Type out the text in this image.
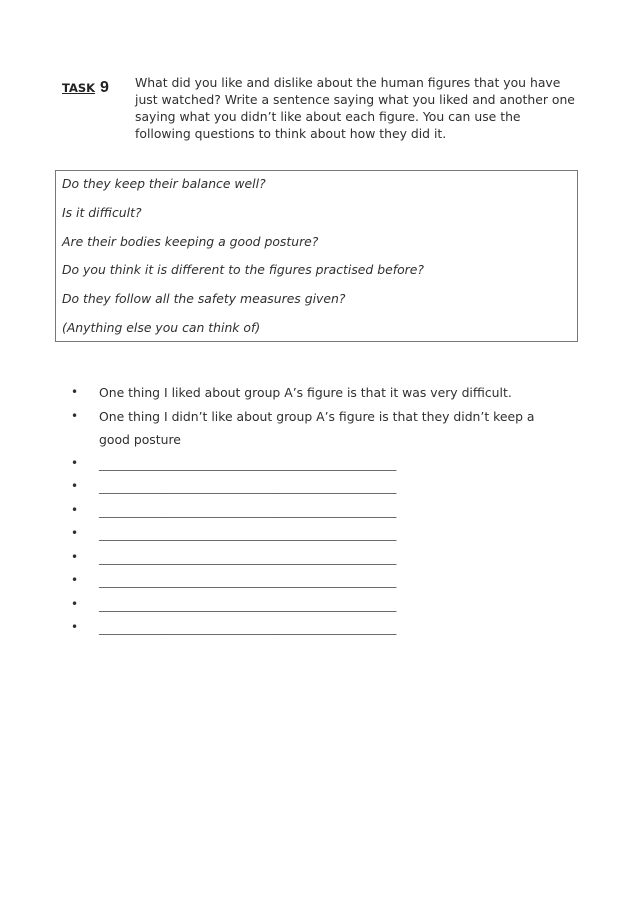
TASK 9 What did you like and dislike about the human figures that you have just watched? Write a sentence saying what you liked and another one saying what you didn’t like about each figure. You can use the following questions to think about how they did it.

Do they keep their balance well?
Is it difficult?
Are their bodies keeping a good posture?
Do you think it is different to the figures practised before?
Do they follow all the safety measures given?
(Anything else you can think of)
• One thing I liked about group A’s figure is that it was very difficult.
• One thing I didn’t like about group A’s figure is that they didn’t keep a good posture
• ________________________________________________
• ________________________________________________
• ________________________________________________
• ________________________________________________
• ________________________________________________
• ________________________________________________
• ________________________________________________
• ________________________________________________
